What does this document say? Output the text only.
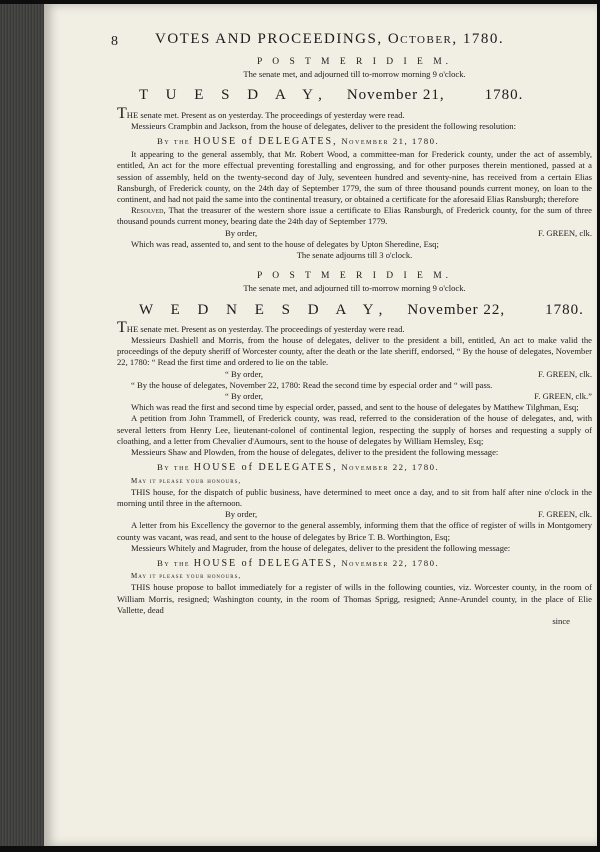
8 VOTES AND PROCEEDINGS, October, 1780.
P O S T M E R I D I E M.

The senate met, and adjourned till to-morrow morning 9 o'clock.

T U E S D A Y, November 21,	1780.

THE senate met. Present as on yesterday. The proceedings of yesterday were read.

Messieurs Crampbin and Jackson, from the house of delegates, deliver to the president the following resolution:

By the HOUSE of DELEGATES, November 21, 1780.

It appearing to the general assembly, that Mr. Robert Wood, a committee-man for Frederick county, under the act of assembly, entitled, An act for the more effectual preventing forestalling and engrossing, and for other purposes therein mentioned, passed at a session of assembly, held on the twenty-second day of July, seventeen hundred and seventy-nine, has received from a certain Elias Ransburgh, of Frederick county, on the 24th day of September 1779, the sum of three thousand pounds current money, on loan to the continent, and had not paid the same into the continental treasury, or obtained a certificate for the aforesaid Elias Ransburgh; therefore

Resolved, That the treasurer of the western shore issue a certificate to Elias Ransburgh, of Frederick county, for the sum of three thousand pounds current money, bearing date the 24th day of September 1779.

By order,	F. GREEN, clk.

Which was read, assented to, and sent to the house of delegates by Upton Sheredine, Esq;

The senate adjourns till 3 o'clock.

P O S T M E R I D I E M.

The senate met, and adjourned till to-morrow morning 9 o'clock.

W E D N E S D A Y, November 22,	1780.

THE senate met. Present as on yesterday. The proceedings of yesterday were read.

Messieurs Dashiell and Morris, from the house of delegates, deliver to the president a bill, entitled, An act to make valid the proceedings of the deputy sheriff of Worcester county, after the death or the late sheriff, endorsed, “ By the house of delegates, November 22, 1780: “ Read the first time and ordered to lie on the table.

“ By order,	F. GREEN, clk.

“ By the house of delegates, November 22, 1780: Read the second time by especial order and “ will pass.

“ By order,	F. GREEN, clk.”

Which was read the first and second time by especial order, passed, and sent to the house of delegates by Matthew Tilghman, Esq;

A petition from John Trammell, of Frederick county, was read, referred to the consideration of the house of delegates, and, with several letters from Henry Lee, lieutenant-colonel of continental legion, respecting the supply of horses and requesting a supply of cloathing, and a letter from Chevalier d'Aumours, sent to the house of delegates by William Hemsley, Esq;

Messieurs Shaw and Plowden, from the house of delegates, deliver to the president the following message:

By the HOUSE of DELEGATES, November 22, 1780.

May it please your honours,

THIS house, for the dispatch of public business, have determined to meet once a day, and to sit from half after nine o'clock in the morning until three in the afternoon.

By order,	F. GREEN, clk.

A letter from his Excellency the governor to the general assembly, informing them that the office of register of wills in Montgomery county was vacant, was read, and sent to the house of delegates by Brice T. B. Worthington, Esq;

Messieurs Whitely and Magruder, from the house of delegates, deliver to the president the following message:

By the HOUSE of DELEGATES, November 22, 1780.

May it please your honours,

THIS house propose to ballot immediately for a register of wills in the following counties, viz. Worcester county, in the room of William Morris, resigned; Washington county, in the room of Thomas Sprigg, resigned; Anne-Arundel county, in the place of Elie Vallette, dead

since
